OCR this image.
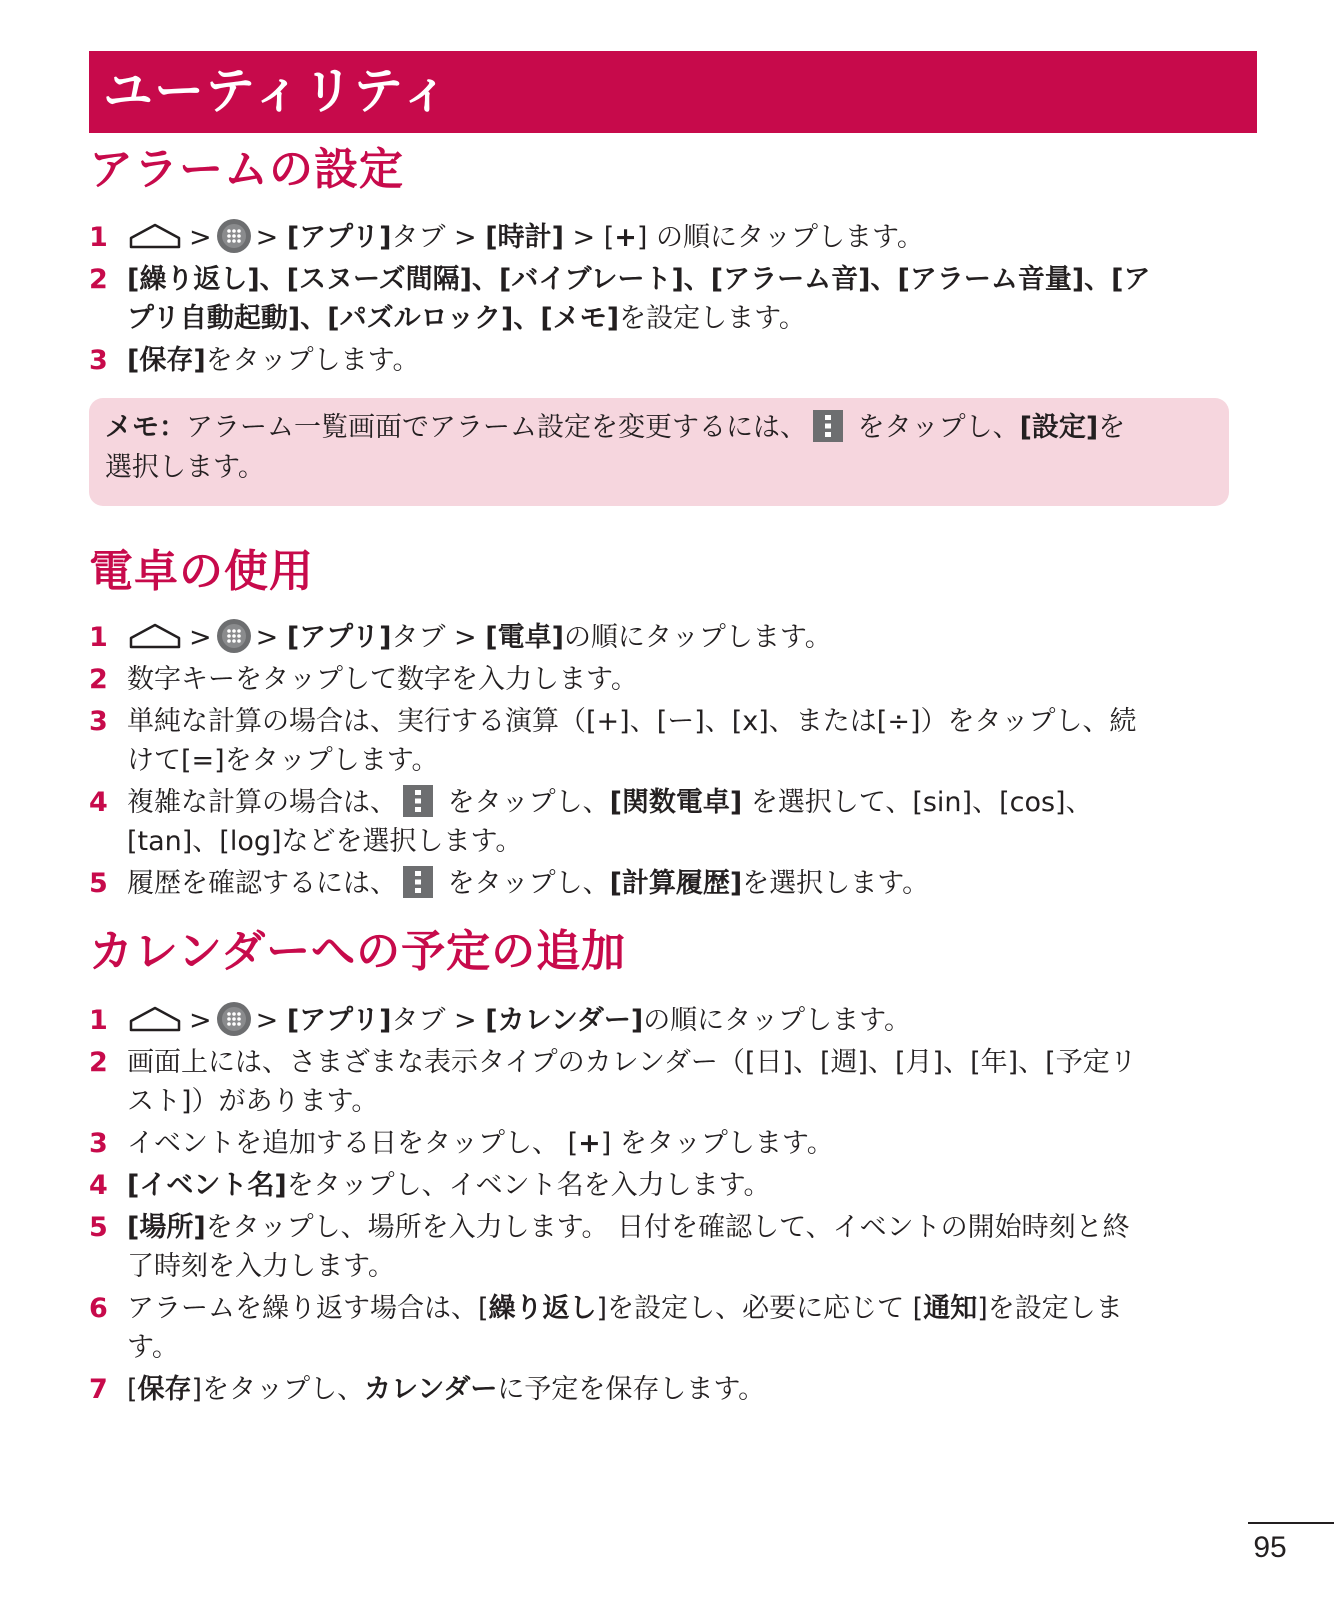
ユーティリティ
アラームの設定
1	> > [アプリ]タブ > [時計] > [+] の順にタップします。
2 [繰り返し]、[スヌーズ間隔]、[バイブレート]、[アラーム音]、[アラーム音量]、[ア
プリ自動起動]、[パズルロック]、[メモ]を設定します。
3 [保存]をタップします。
メモ：アラーム一覧画面でアラーム設定を変更するには、 をタップし、[設定]を
選択します。
電卓の使用
1	> > [アプリ]タブ > [電卓]の順にタップします。
2 数字キーをタップして数字を入力します。
3 単純な計算の場合は、実行する演算（[+]、[ー]、[x]、または[÷]）をタップし、続
けて[=]をタップします。
4 複雑な計算の場合は、 をタップし、[関数電卓] を選択して、[sin]、[cos]、
[tan]、[log]などを選択します。
5 履歴を確認するには、 をタップし、[計算履歴]を選択します。
カレンダーへの予定の追加
1	> > [アプリ]タブ > [カレンダー]の順にタップします。
2 画面上には、さまざまな表示タイプのカレンダー（[日]、[週]、[月]、[年]、[予定リ
スト]）があります。
3 イベントを追加する日をタップし、 [+] をタップします。
4 [イベント名]をタップし、イベント名を入力します。
5 [場所]をタップし、場所を入力します。 日付を確認して、イベントの開始時刻と終
了時刻を入力します。
6 アラームを繰り返す場合は、[繰り返し]を設定し、必要に応じて [通知]を設定しま
す。
7 [保存]をタップし、カレンダーに予定を保存します。
95
